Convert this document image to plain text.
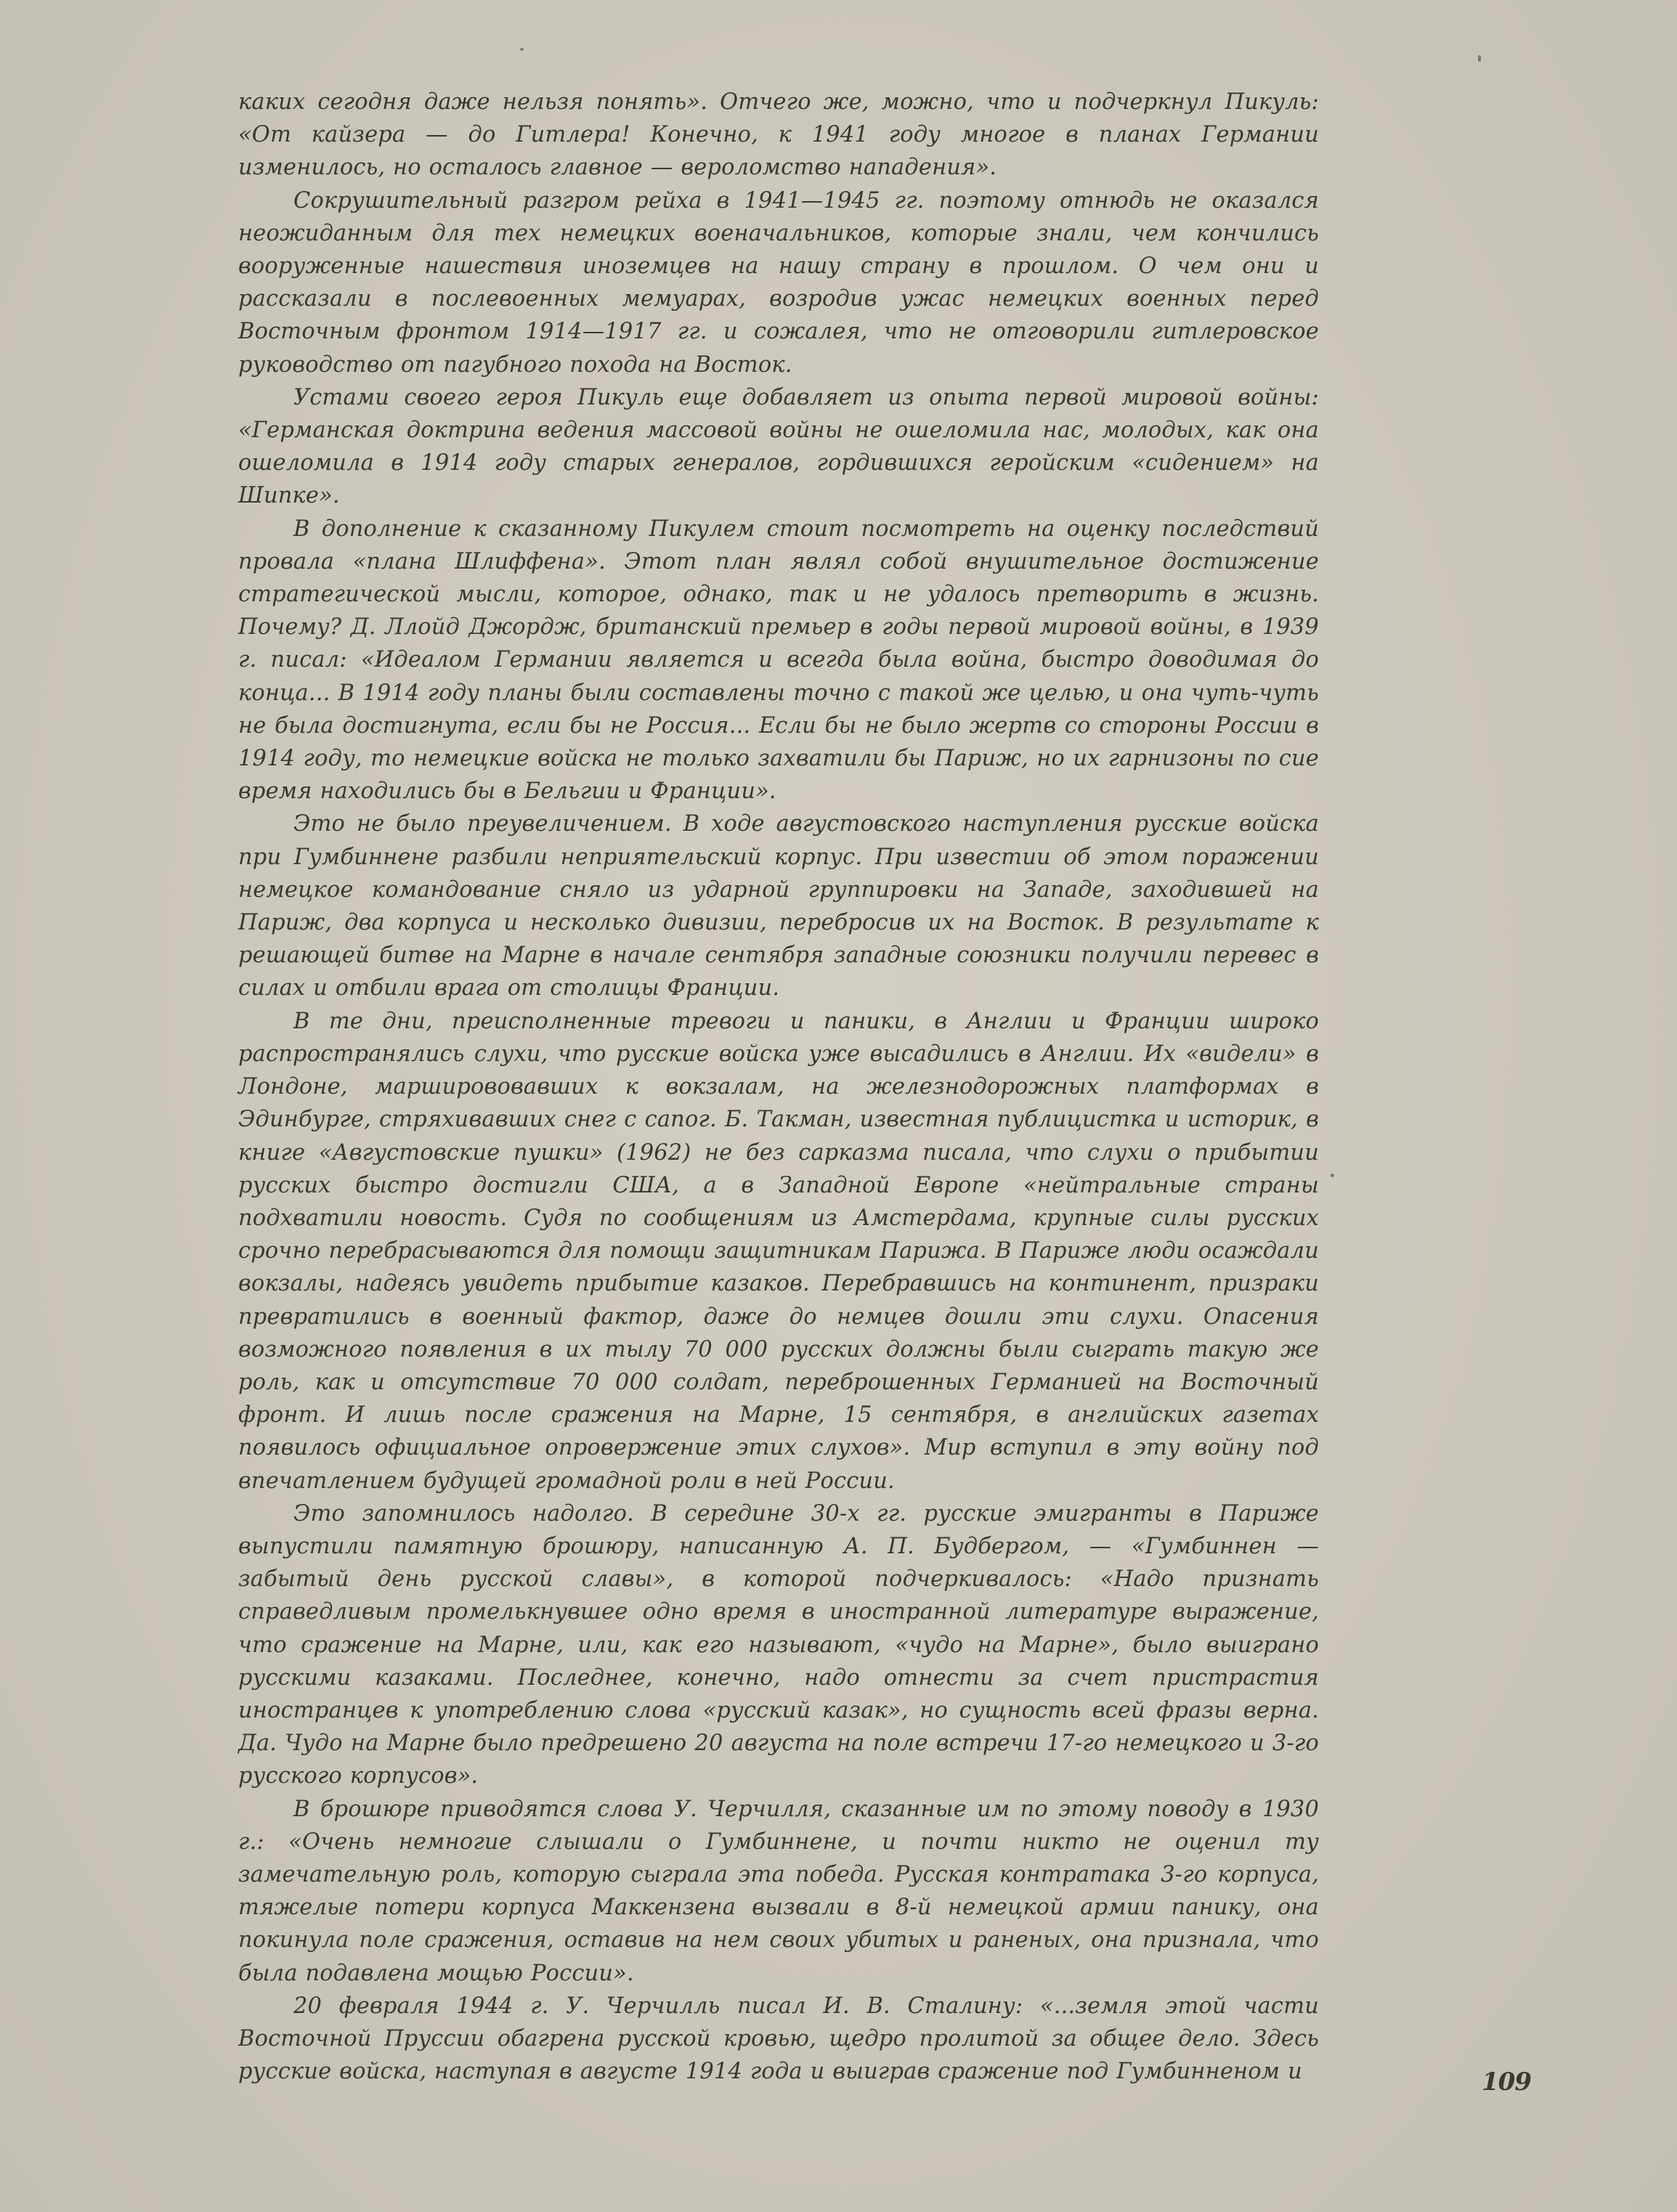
каких сегодня даже нельзя понять». Отчего же, можно, что и подчеркнул Пикуль: «От кайзера — до Гитлера! Конечно, к 1941 году многое в планах Германии изменилось, но осталось главное — вероломство нападения».

Сокрушительный разгром рейха в 1941—1945 гг. поэтому отнюдь не оказался неожиданным для тех немецких военачальников, которые знали, чем кончились вооруженные нашествия иноземцев на нашу страну в прошлом. О чем они и рассказали в послевоенных мемуарах, возродив ужас немецких военных перед Восточным фронтом 1914—1917 гг. и сожалея, что не отговорили гитлеровское руководство от пагубного похода на Восток.

Устами своего героя Пикуль еще добавляет из опыта первой мировой войны: «Германская доктрина ведения массовой войны не ошеломила нас, молодых, как она ошеломила в 1914 году старых генералов, гордившихся геройским «сидением» на Шипке».

В дополнение к сказанному Пикулем стоит посмотреть на оценку последствий провала «плана Шлиффена». Этот план являл собой внушительное достижение стратегической мысли, которое, однако, так и не удалось претворить в жизнь. Почему? Д. Ллойд Джордж, британский премьер в годы первой мировой войны, в 1939 г. писал: «Идеалом Германии является и всегда была война, быстро доводимая до конца... В 1914 году планы были составлены точно с такой же целью, и она чуть-чуть не была достигнута, если бы не Россия... Если бы не было жертв со стороны России в 1914 году, то немецкие войска не только захватили бы Париж, но их гарнизоны по сие время находились бы в Бельгии и Франции».

Это не было преувеличением. В ходе августовского наступления русские войска при Гумбиннене разбили неприятельский корпус. При известии об этом поражении немецкое командование сняло из ударной группировки на Западе, заходившей на Париж, два корпуса и несколько дивизии, перебросив их на Восток. В результате к решающей битве на Марне в начале сентября западные союзники получили перевес в силах и отбили врага от столицы Франции.

В те дни, преисполненные тревоги и паники, в Англии и Франции широко распространялись слухи, что русские войска уже высадились в Англии. Их «видели» в Лондоне, марширововавших к вокзалам, на железнодорожных платформах в Эдинбурге, стряхивавших снег с сапог. Б. Такман, известная публицистка и историк, в книге «Августовские пушки» (1962) не без сарказма писала, что слухи о прибытии русских быстро достигли США, а в Западной Европе «нейтральные страны подхватили новость. Судя по сообщениям из Амстердама, крупные силы русских срочно перебрасываются для помощи защитникам Парижа. В Париже люди осаждали вокзалы, надеясь увидеть прибытие казаков. Перебравшись на континент, призраки превратились в военный фактор, даже до немцев дошли эти слухи. Опасения возможного появления в их тылу 70 000 русских должны были сыграть такую же роль, как и отсутствие 70 000 солдат, переброшенных Германией на Восточный фронт. И лишь после сражения на Марне, 15 сентября, в английских газетах появилось официальное опровержение этих слухов». Мир вступил в эту войну под впечатлением будущей громадной роли в ней России.

Это запомнилось надолго. В середине 30-х гг. русские эмигранты в Париже выпустили памятную брошюру, написанную А. П. Будбергом, — «Гумбиннен — забытый день русской славы», в которой подчеркивалось: «Надо признать справедливым промелькнувшее одно время в иностранной литературе выражение, что сражение на Марне, или, как его называют, «чудо на Марне», было выиграно русскими казаками. Последнее, конечно, надо отнести за счет пристрастия иностранцев к употреблению слова «русский казак», но сущность всей фразы верна. Да. Чудо на Марне было предрешено 20 августа на поле встречи 17-го немецкого и 3-го русского корпусов».

В брошюре приводятся слова У. Черчилля, сказанные им по этому поводу в 1930 г.: «Очень немногие слышали о Гумбиннене, и почти никто не оценил ту замечательную роль, которую сыграла эта победа. Русская контратака 3-го корпуса, тяжелые потери корпуса Маккензена вызвали в 8-й немецкой армии панику, она покинула поле сражения, оставив на нем своих убитых и раненых, она признала, что была подавлена мощью России».

20 февраля 1944 г. У. Черчилль писал И. В. Сталину: «...земля этой части Восточной Пруссии обагрена русской кровью, щедро пролитой за общее дело. Здесь русские войска, наступая в августе 1914 года и выиграв сражение под Гумбинненом и	109
